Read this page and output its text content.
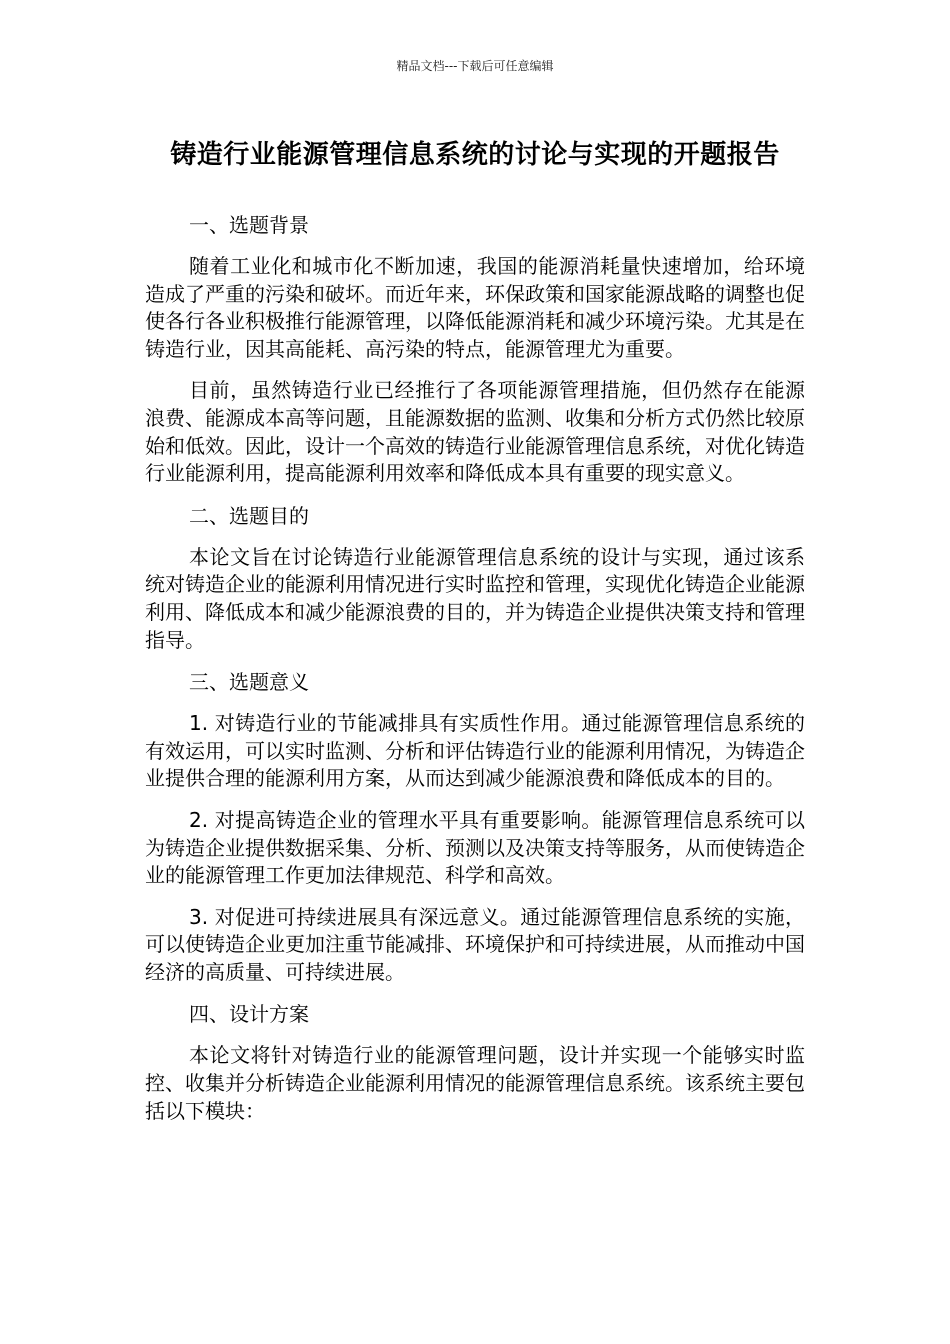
精品文档---下载后可任意编辑
铸造行业能源管理信息系统的讨论与实现的开题报告

一、选题背景

随着工业化和城市化不断加速，我国的能源消耗量快速增加，给环境造成了严重的污染和破坏。而近年来，环保政策和国家能源战略的调整也促使各行各业积极推行能源管理，以降低能源消耗和减少环境污染。尤其是在铸造行业，因其高能耗、高污染的特点，能源管理尤为重要。

目前，虽然铸造行业已经推行了各项能源管理措施，但仍然存在能源浪费、能源成本高等问题，且能源数据的监测、收集和分析方式仍然比较原始和低效。因此，设计一个高效的铸造行业能源管理信息系统，对优化铸造行业能源利用，提高能源利用效率和降低成本具有重要的现实意义。

二、选题目的

本论文旨在讨论铸造行业能源管理信息系统的设计与实现，通过该系统对铸造企业的能源利用情况进行实时监控和管理，实现优化铸造企业能源利用、降低成本和减少能源浪费的目的，并为铸造企业提供决策支持和管理指导。

三、选题意义

1. 对铸造行业的节能减排具有实质性作用。通过能源管理信息系统的有效运用，可以实时监测、分析和评估铸造行业的能源利用情况，为铸造企业提供合理的能源利用方案，从而达到减少能源浪费和降低成本的目的。

2. 对提高铸造企业的管理水平具有重要影响。能源管理信息系统可以为铸造企业提供数据采集、分析、预测以及决策支持等服务，从而使铸造企业的能源管理工作更加法律规范、科学和高效。

3. 对促进可持续进展具有深远意义。通过能源管理信息系统的实施，可以使铸造企业更加注重节能减排、环境保护和可持续进展，从而推动中国经济的高质量、可持续进展。

四、设计方案

本论文将针对铸造行业的能源管理问题，设计并实现一个能够实时监控、收集并分析铸造企业能源利用情况的能源管理信息系统。该系统主要包括以下模块：
